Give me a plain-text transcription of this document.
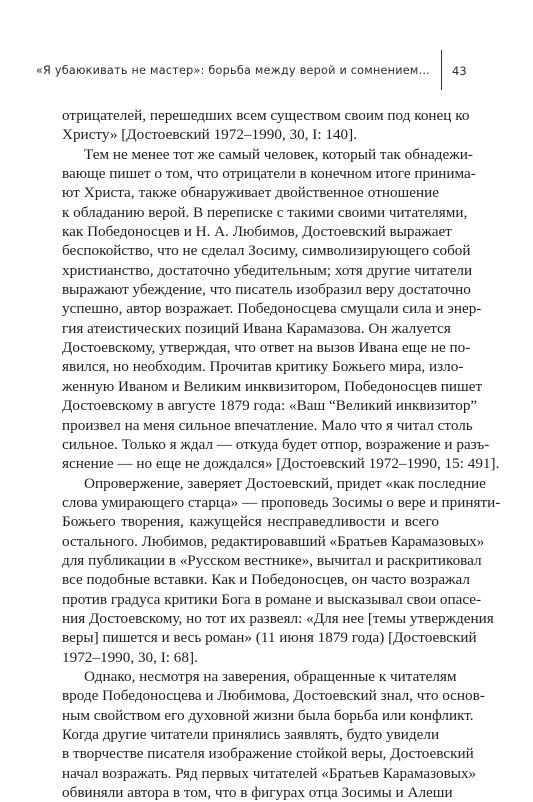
«Я убаюкивать не мастер»: борьба между верой и сомнением... 43

отрицателей, перешедших всем существом своим под конец ко
Христу» [Достоевский 1972–1990, 30, I: 140].

Тем не менее тот же самый человек, который так обнадежи-
вающе пишет о том, что отрицатели в конечном итоге принима-
ют Христа, также обнаруживает двойственное отношение
к обладанию верой. В переписке с такими своими читателями,
как Победоносцев и Н. А. Любимов, Достоевский выражает
беспокойство, что не сделал Зосиму, символизирующего собой
христианство, достаточно убедительным; хотя другие читатели
выражают убеждение, что писатель изобразил веру достаточно
успешно, автор возражает. Победоносцева смущали сила и энер-
гия атеистических позиций Ивана Карамазова. Он жалуется
Достоевскому, утверждая, что ответ на вызов Ивана еще не по-
явился, но необходим. Прочитав критику Божьего мира, изло-
женную Иваном и Великим инквизитором, Победоносцев пишет
Достоевскому в августе 1879 года: «Ваш “Великий инквизитор”
произвел на меня сильное впечатление. Мало что я читал столь
сильное. Только я ждал — откуда будет отпор, возражение и разъ-
яснение — но еще не дождался» [Достоевский 1972–1990, 15: 491].

Опровержение, заверяет Достоевский, придет «как последние
слова умирающего старца» — проповедь Зосимы о вере и приняти-
Божьего творения, кажущейся несправедливости и всего
остального. Любимов, редактировавший «Братьев Карамазовых»
для публикации в «Русском вестнике», вычитал и раскритиковал
все подобные вставки. Как и Победоносцев, он часто возражал
против градуса критики Бога в романе и высказывал свои опасе-
ния Достоевскому, но тот их развеял: «Для нее [темы утверждения
веры] пишется и весь роман» (11 июня 1879 года) [Достоевский
1972–1990, 30, I: 68].

Однако, несмотря на заверения, обращенные к читателям
вроде Победоносцева и Любимова, Достоевский знал, что основ-
ным свойством его духовной жизни была борьба или конфликт.
Когда другие читатели принялись заявлять, будто увидели
в творчестве писателя изображение стойкой веры, Достоевский
начал возражать. Ряд первых читателей «Братьев Карамазовых»
обвиняли автора в том, что в фигурах отца Зосимы и Алеши
